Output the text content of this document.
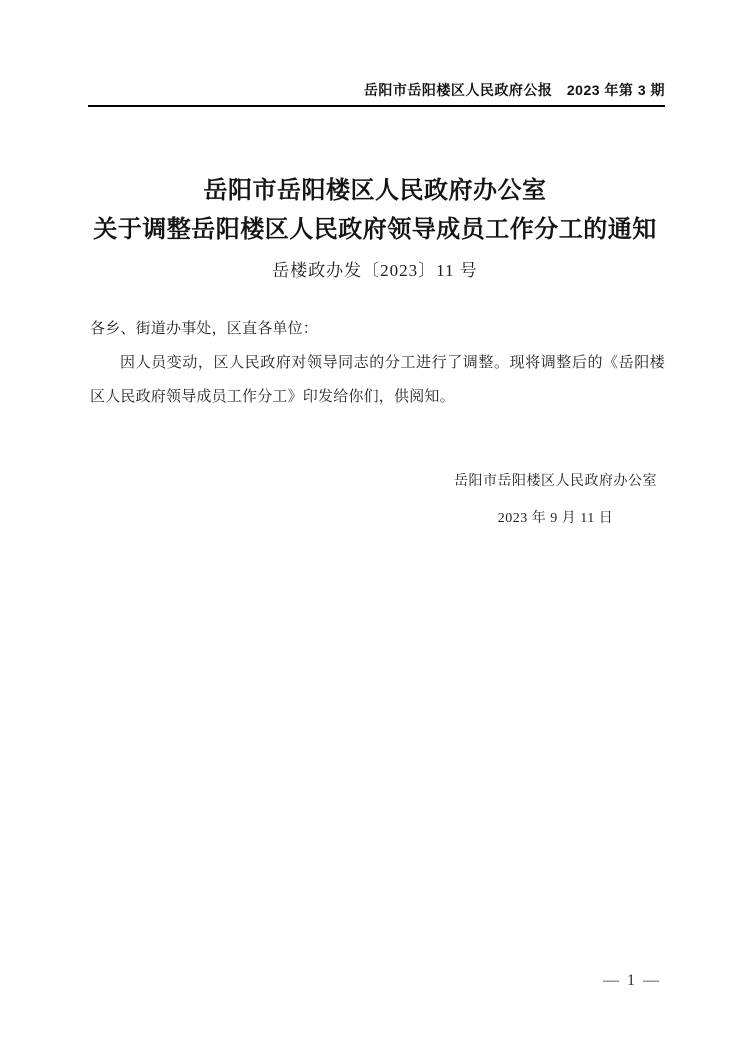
岳阳市岳阳楼区人民政府公报　2023 年第 3 期
岳阳市岳阳楼区人民政府办公室
关于调整岳阳楼区人民政府领导成员工作分工的通知
岳楼政办发〔2023〕11 号
各乡、街道办事处，区直各单位：
因人员变动，区人民政府对领导同志的分工进行了调整。现将调整后的《岳阳楼区人民政府领导成员工作分工》印发给你们，供阅知。
岳阳市岳阳楼区人民政府办公室
2023 年 9 月 11 日
— 1 —
